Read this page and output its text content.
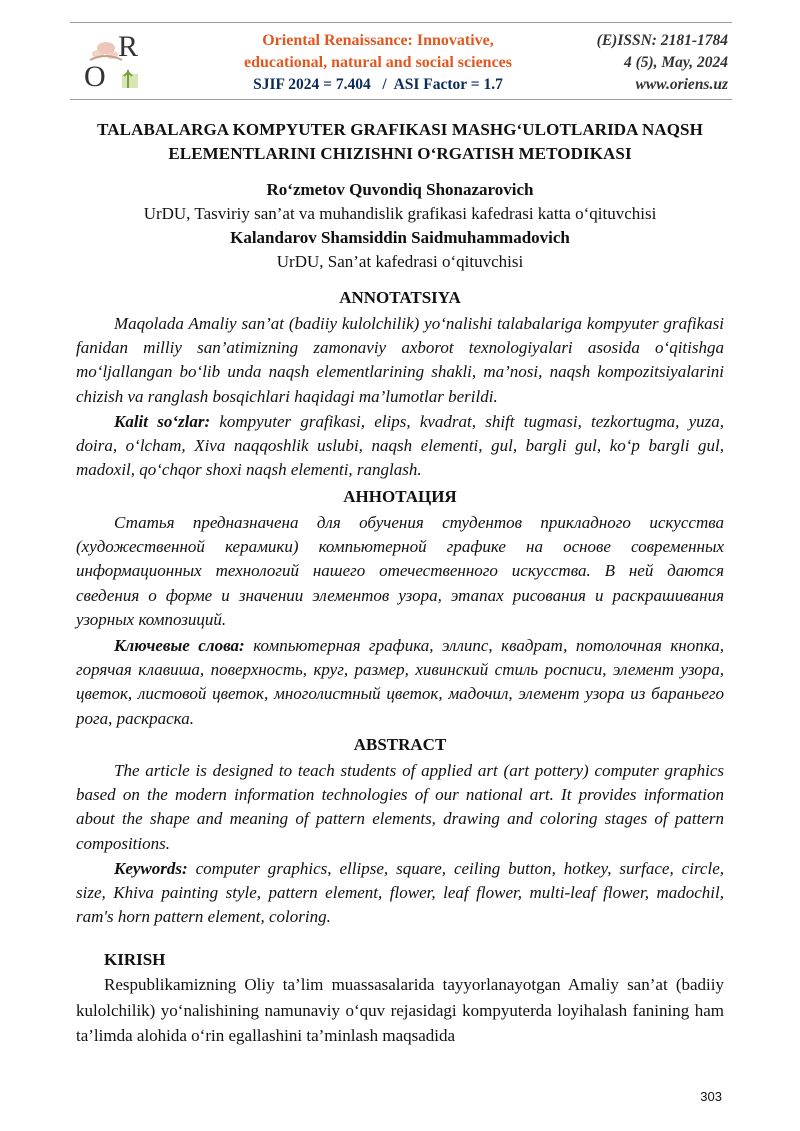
O
R	Oriental Renaissance: Innovative, educational, natural and social sciences
SJIF 2024 = 7.404   /  ASI Factor = 1.7
(E)ISSN: 2181-1784
4 (5), May, 2024
www.oriens.uz
TALABALARGA KOMPYUTER GRAFIKASI MASHG‘ULOTLARIDA NAQSH ELEMENTLARINI CHIZISHNI O‘RGATISH METODIKASI
Ro‘zmetov Quvondiq Shonazarovich
UrDU, Tasviriy san’at va muhandislik grafikasi kafedrasi katta o‘qituvchisi
Kalandarov Shamsiddin Saidmuhammadovich
UrDU, San’at kafedrasi o‘qituvchisi
ANNOTATSIYA

Maqolada Amaliy san’at (badiiy kulolchilik) yo‘nalishi talabalariga kompyuter grafikasi fanidan milliy san’atimizning zamonaviy axborot texnologiyalari asosida o‘qitishga mo‘ljallangan bo‘lib unda naqsh elementlarining shakli, ma’nosi, naqsh kompozitsiyalarini chizish va ranglash bosqichlari haqidagi ma’lumotlar berildi.

Kalit so‘zlar: kompyuter grafikasi, elips, kvadrat, shift tugmasi, tezkortugma, yuza, doira, o‘lcham, Xiva naqqoshlik uslubi, naqsh elementi, gul, bargli gul, ko‘p bargli gul, madoxil, qo‘chqor shoxi naqsh elementi, ranglash.

АННОТАЦИЯ

Статья предназначена для обучения студентов прикладного искусства (художественной керамики) компьютерной графике на основе современных информационных технологий нашего отечественного искусства. В ней даются сведения о форме и значении элементов узора, этапах рисования и раскрашивания узорных композиций.

Ключевые слова: компьютерная графика, эллипс, квадрат, потолочная кнопка, горячая клавиша, поверхность, круг, размер, хивинский стиль росписи, элемент узора, цветок, листовой цветок, многолистный цветок, мадочил, элемент узора из бараньего рога, раскраска.

ABSTRACT

The article is designed to teach students of applied art (art pottery) computer graphics based on the modern information technologies of our national art. It provides information about the shape and meaning of pattern elements, drawing and coloring stages of pattern compositions.

Keywords: computer graphics, ellipse, square, ceiling button, hotkey, surface, circle, size, Khiva painting style, pattern element, flower, leaf flower, multi-leaf flower, madochil, ram's horn pattern element, coloring.

KIRISH

Respublikamizning Oliy ta’lim muassasalarida tayyorlanayotgan Amaliy san’at (badiiy kulolchilik) yo‘nalishining namunaviy o‘quv rejasidagi kompyuterda loyihalash fanining ham ta’limda alohida o‘rin egallashini ta’minlash maqsadida

303
